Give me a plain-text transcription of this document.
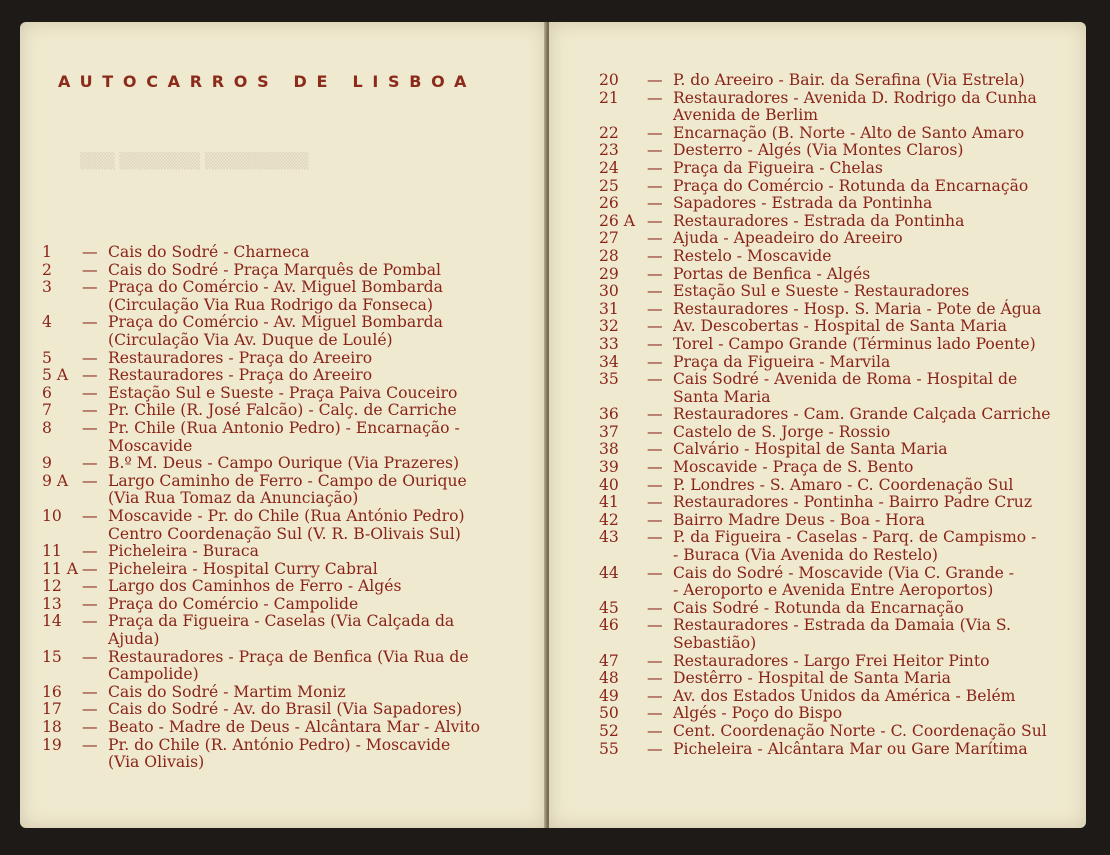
▒▒▒ ▒▒▒▒▒▒▒ ▒▒▒▒▒▒▒▒▒
AUTOCARROS DE LISBOA
1	— Cais do Sodré - Charneca
2	— Cais do Sodré - Praça Marquês de Pombal
3	— Praça do Comércio - Av. Miguel Bombarda
(Circulação Via Rua Rodrigo da Fonseca)
4	— Praça do Comércio - Av. Miguel Bombarda
(Circulação Via Av. Duque de Loulé)
5	— Restauradores - Praça do Areeiro
5 A — Restauradores - Praça do Areeiro
6	— Estação Sul e Sueste - Praça Paiva Couceiro
7	— Pr. Chile (R. José Falcão) - Calç. de Carriche
8	— Pr. Chile (Rua Antonio Pedro) - Encarnação -
Moscavide
9	— B.º M. Deus - Campo Ourique (Via Prazeres)
9 A — Largo Caminho de Ferro - Campo de Ourique
(Via Rua Tomaz da Anunciação)
10	— Moscavide - Pr. do Chile (Rua António Pedro)
Centro Coordenação Sul (V. R. B-Olivais Sul)
11	— Picheleira - Buraca
11 A — Picheleira - Hospital Curry Cabral
12	— Largo dos Caminhos de Ferro - Algés
13	— Praça do Comércio - Campolide
14	— Praça da Figueira - Caselas (Via Calçada da
Ajuda)
15	— Restauradores - Praça de Benfica (Via Rua de
Campolide)
16	— Cais do Sodré - Martim Moniz
17	— Cais do Sodré - Av. do Brasil (Via Sapadores)
18	— Beato - Madre de Deus - Alcântara Mar - Alvito
19	— Pr. do Chile (R. António Pedro) - Moscavide
(Via Olivais)
20	— P. do Areeiro - Bair. da Serafina (Via Estrela)
21	— Restauradores - Avenida D. Rodrigo da Cunha
Avenida de Berlim
22	— Encarnação (B. Norte - Alto de Santo Amaro
23	— Desterro - Algés (Via Montes Claros)
24	— Praça da Figueira - Chelas
25	— Praça do Comércio - Rotunda da Encarnação
26	— Sapadores - Estrada da Pontinha
26 A — Restauradores - Estrada da Pontinha
27	— Ajuda - Apeadeiro do Areeiro
28	— Restelo - Moscavide
29	— Portas de Benfica - Algés
30	— Estação Sul e Sueste - Restauradores
31	— Restauradores - Hosp. S. Maria - Pote de Água
32	— Av. Descobertas - Hospital de Santa Maria
33	— Torel - Campo Grande (Términus lado Poente)
34	— Praça da Figueira - Marvila
35	— Cais Sodré - Avenida de Roma - Hospital de
Santa Maria
36	— Restauradores - Cam. Grande Calçada Carriche
37	— Castelo de S. Jorge - Rossio
38	— Calvário - Hospital de Santa Maria
39	— Moscavide - Praça de S. Bento
40	— P. Londres - S. Amaro - C. Coordenação Sul
41	— Restauradores - Pontinha - Bairro Padre Cruz
42	— Bairro Madre Deus - Boa - Hora
43	— P. da Figueira - Caselas - Parq. de Campismo -
- Buraca (Via Avenida do Restelo)
44	— Cais do Sodré - Moscavide (Via C. Grande -
- Aeroporto e Avenida Entre Aeroportos)
45	— Cais Sodré - Rotunda da Encarnação
46	— Restauradores - Estrada da Damaia (Via S.
Sebastião)
47	— Restauradores - Largo Frei Heitor Pinto
48	— Destêrro - Hospital de Santa Maria
49	— Av. dos Estados Unidos da América - Belém
50	— Algés - Poço do Bispo
52	— Cent. Coordenação Norte - C. Coordenação Sul
55	— Picheleira - Alcântara Mar ou Gare Marítima
